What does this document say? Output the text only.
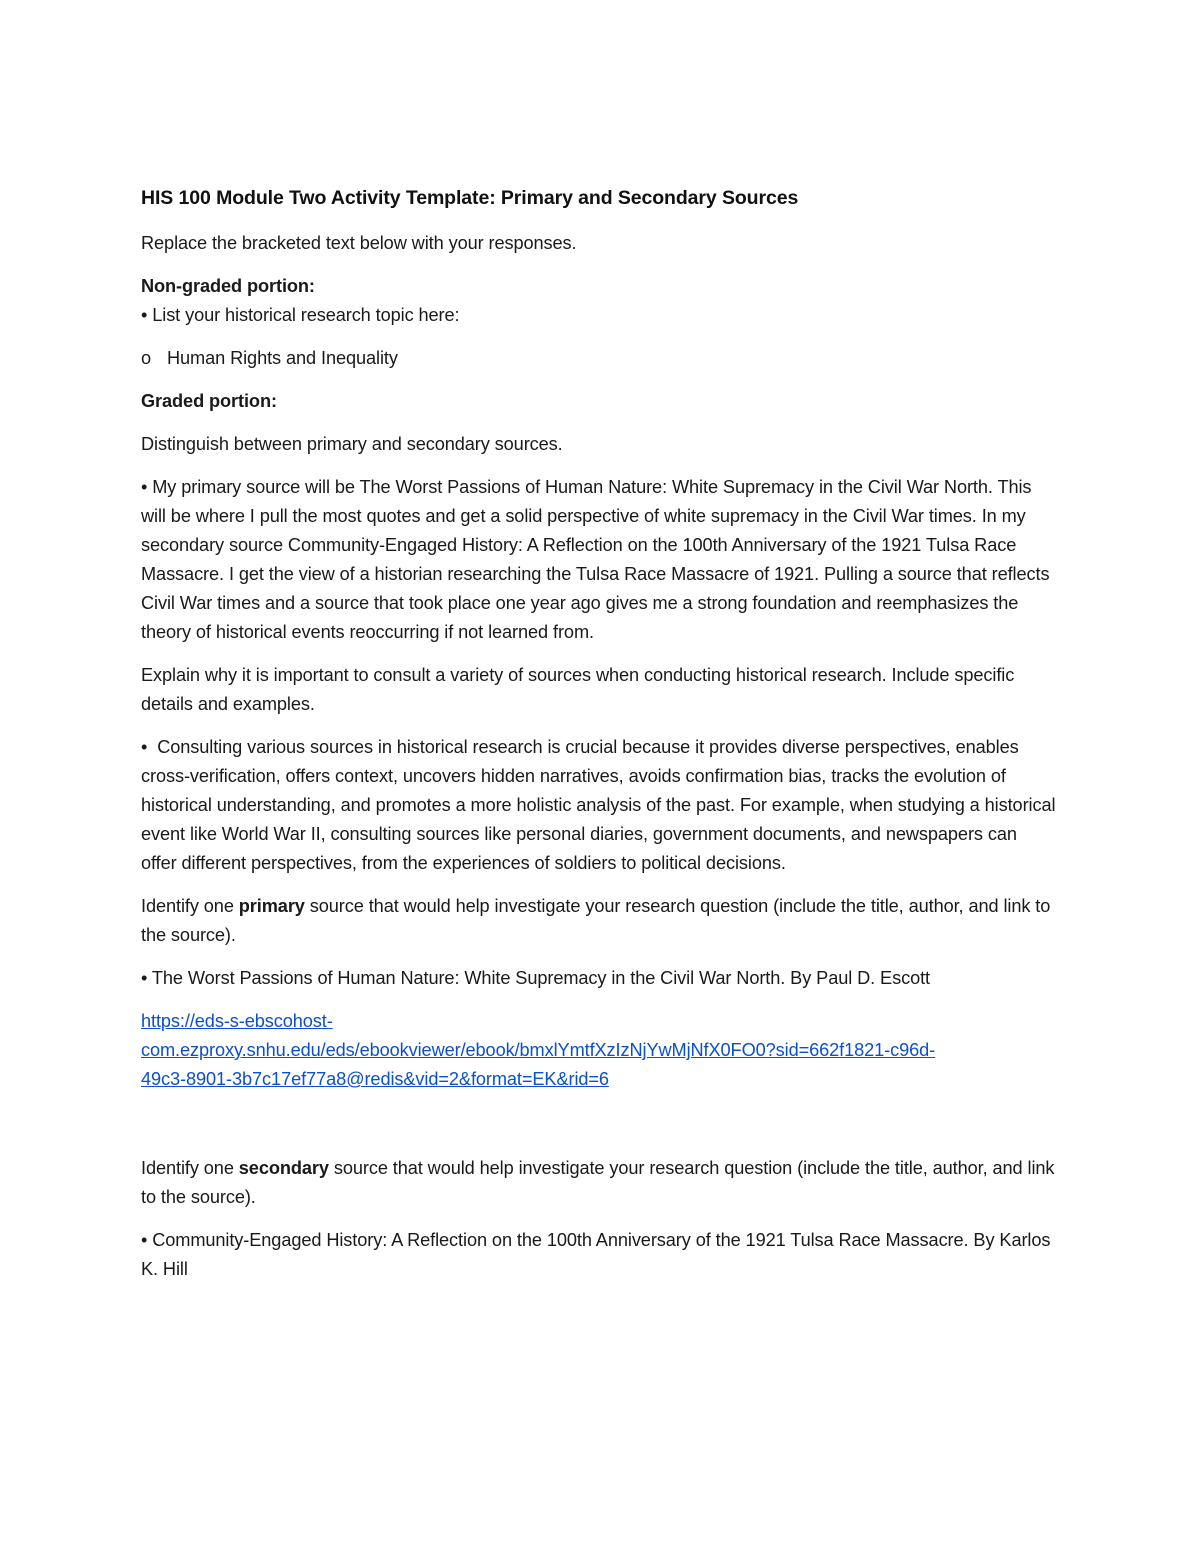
HIS 100 Module Two Activity Template: Primary and Secondary Sources

Replace the bracketed text below with your responses.

Non-graded portion:

• List your historical research topic here:

o Human Rights and Inequality

Graded portion:

Distinguish between primary and secondary sources.

• My primary source will be The Worst Passions of Human Nature: White Supremacy in the Civil War North. This will be where I pull the most quotes and get a solid perspective of white supremacy in the Civil War times. In my secondary source Community-Engaged History: A Reflection on the 100th Anniversary of the 1921 Tulsa Race Massacre. I get the view of a historian researching the Tulsa Race Massacre of 1921. Pulling a source that reflects Civil War times and a source that took place one year ago gives me a strong foundation and reemphasizes the theory of historical events reoccurring if not learned from.

Explain why it is important to consult a variety of sources when conducting historical research. Include specific details and examples.

• Consulting various sources in historical research is crucial because it provides diverse perspectives, enables cross-verification, offers context, uncovers hidden narratives, avoids confirmation bias, tracks the evolution of historical understanding, and promotes a more holistic analysis of the past. For example, when studying a historical event like World War II, consulting sources like personal diaries, government documents, and newspapers can offer different perspectives, from the experiences of soldiers to political decisions.

Identify one primary source that would help investigate your research question (include the title, author, and link to the source).

• The Worst Passions of Human Nature: White Supremacy in the Civil War North. By Paul D. Escott

https://eds-s-ebscohost-
com.ezproxy.snhu.edu/eds/ebookviewer/ebook/bmxlYmtfXzIzNjYwMjNfX0FO0?sid=662f1821-c96d-
49c3-8901-3b7c17ef77a8@redis&vid=2&format=EK&rid=6

Identify one secondary source that would help investigate your research question (include the title, author, and link to the source).

• Community-Engaged History: A Reflection on the 100th Anniversary of the 1921 Tulsa Race Massacre. By Karlos K. Hill
